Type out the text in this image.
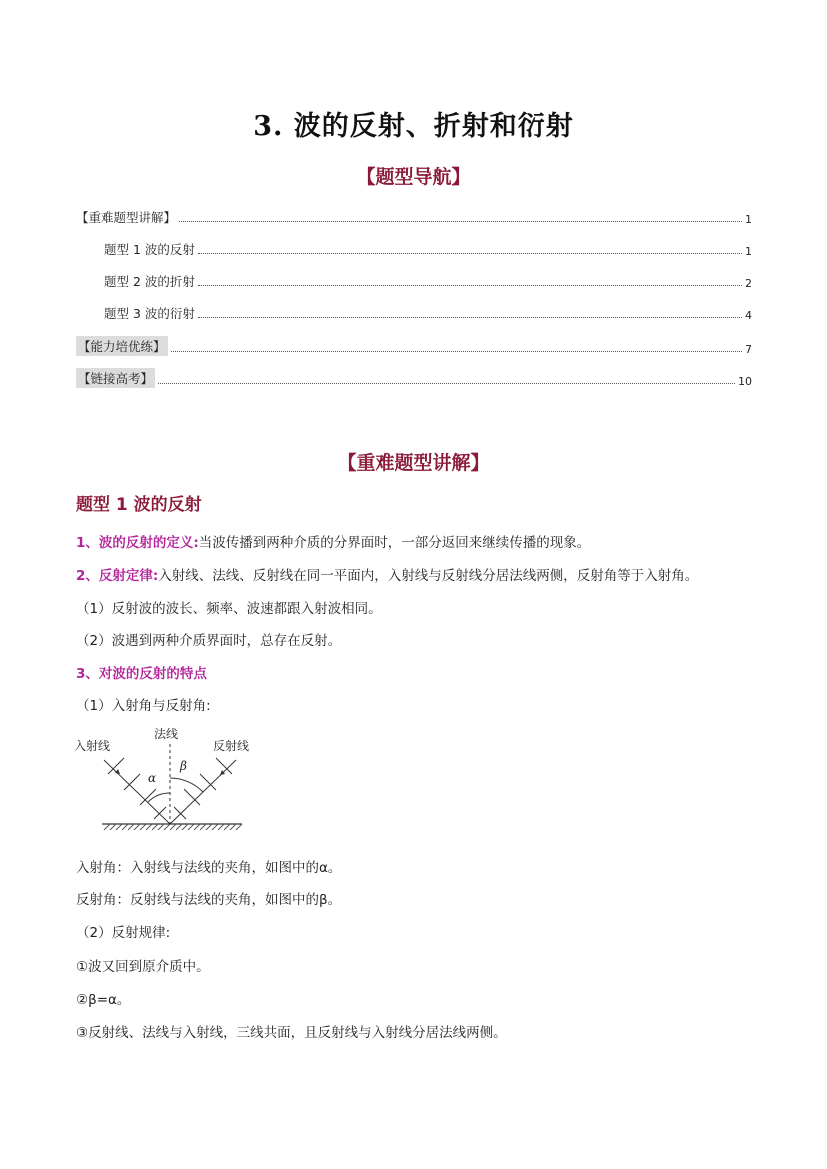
3. 波的反射、折射和衍射
【题型导航】
【重难题型讲解】	1
题型 1 波的反射	1
题型 2 波的折射	2
题型 3 波的衍射	4
【能力培优练】	7
【链接高考】	10
【重难题型讲解】
题型 1 波的反射
1、波的反射的定义:当波传播到两种介质的分界面时，一部分返回来继续传播的现象。
2、反射定律:入射线、法线、反射线在同一平面内，入射线与反射线分居法线两侧，反射角等于入射角。
（1）反射波的波长、频率、波速都跟入射波相同。
（2）波遇到两种介质界面时，总存在反射。
3、对波的反射的特点
（1）入射角与反射角:
入射线
法线
反射线
α
β
入射角：入射线与法线的夹角，如图中的α。
反射角：反射线与法线的夹角，如图中的β。
（2）反射规律:
①波又回到原介质中。
②β=α。
③反射线、法线与入射线，三线共面，且反射线与入射线分居法线两侧。
